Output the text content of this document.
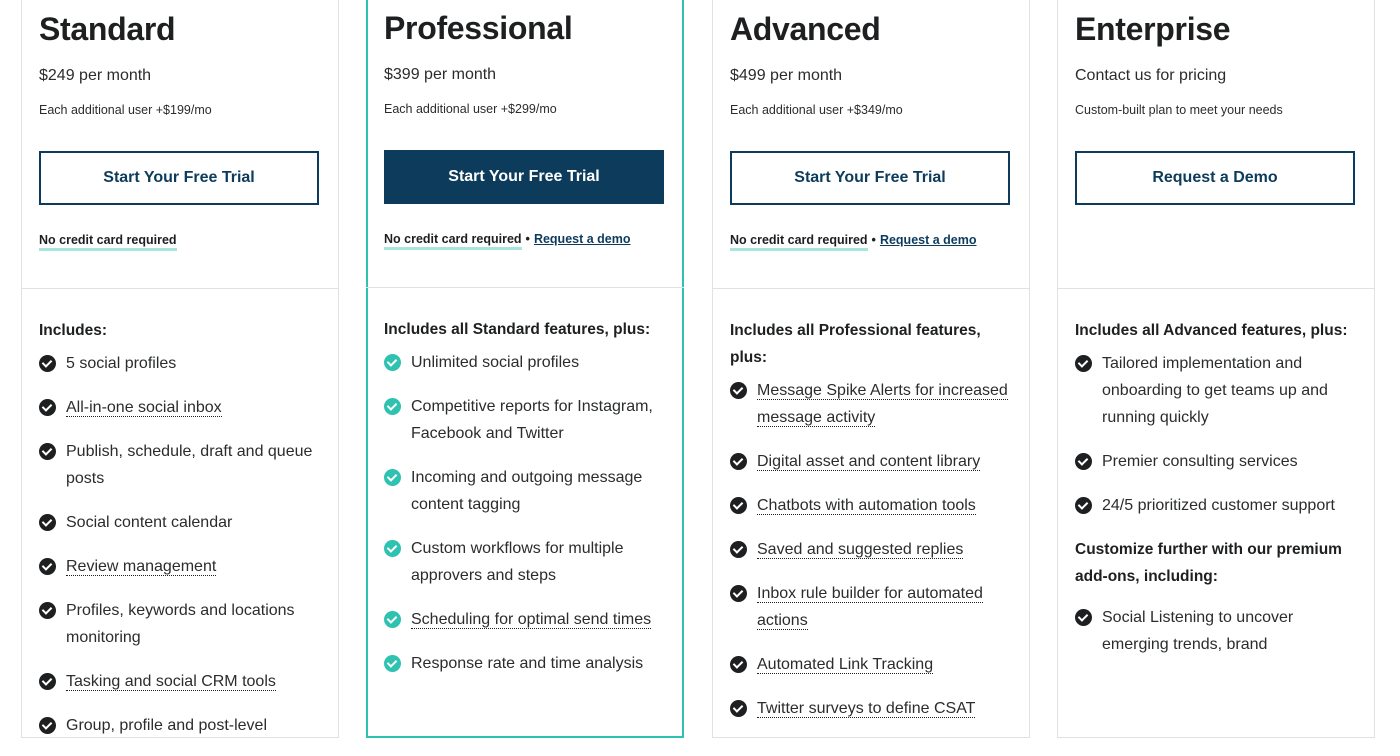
Standard
$249 per month
Each additional user +$199/mo
Start Your Free Trial
No credit card required

Includes:

5 social profiles
All-in-one social inbox
Publish, schedule, draft and queue posts
Social content calendar
Review management
Profiles, keywords and locations monitoring
Tasking and social CRM tools
Group, profile and post-level
Professional
$399 per month
Each additional user +$299/mo
Start Your Free Trial
No credit card required • Request a demo

Includes all Standard features, plus:

Unlimited social profiles
Competitive reports for Instagram, Facebook and Twitter
Incoming and outgoing message content tagging
Custom workflows for multiple approvers and steps
Scheduling for optimal send times
Response rate and time analysis
Advanced
$499 per month
Each additional user +$349/mo
Start Your Free Trial
No credit card required • Request a demo

Includes all Professional features, plus:

Message Spike Alerts for increased message activity
Digital asset and content library
Chatbots with automation tools
Saved and suggested replies
Inbox rule builder for automated actions
Automated Link Tracking
Twitter surveys to define CSAT
Enterprise
Contact us for pricing
Custom-built plan to meet your needs
Request a Demo

Includes all Advanced features, plus:

Tailored implementation and onboarding to get teams up and running quickly
Premier consulting services
24/5 prioritized customer support

Customize further with our premium add-ons, including:

Social Listening to uncover emerging trends, brand
